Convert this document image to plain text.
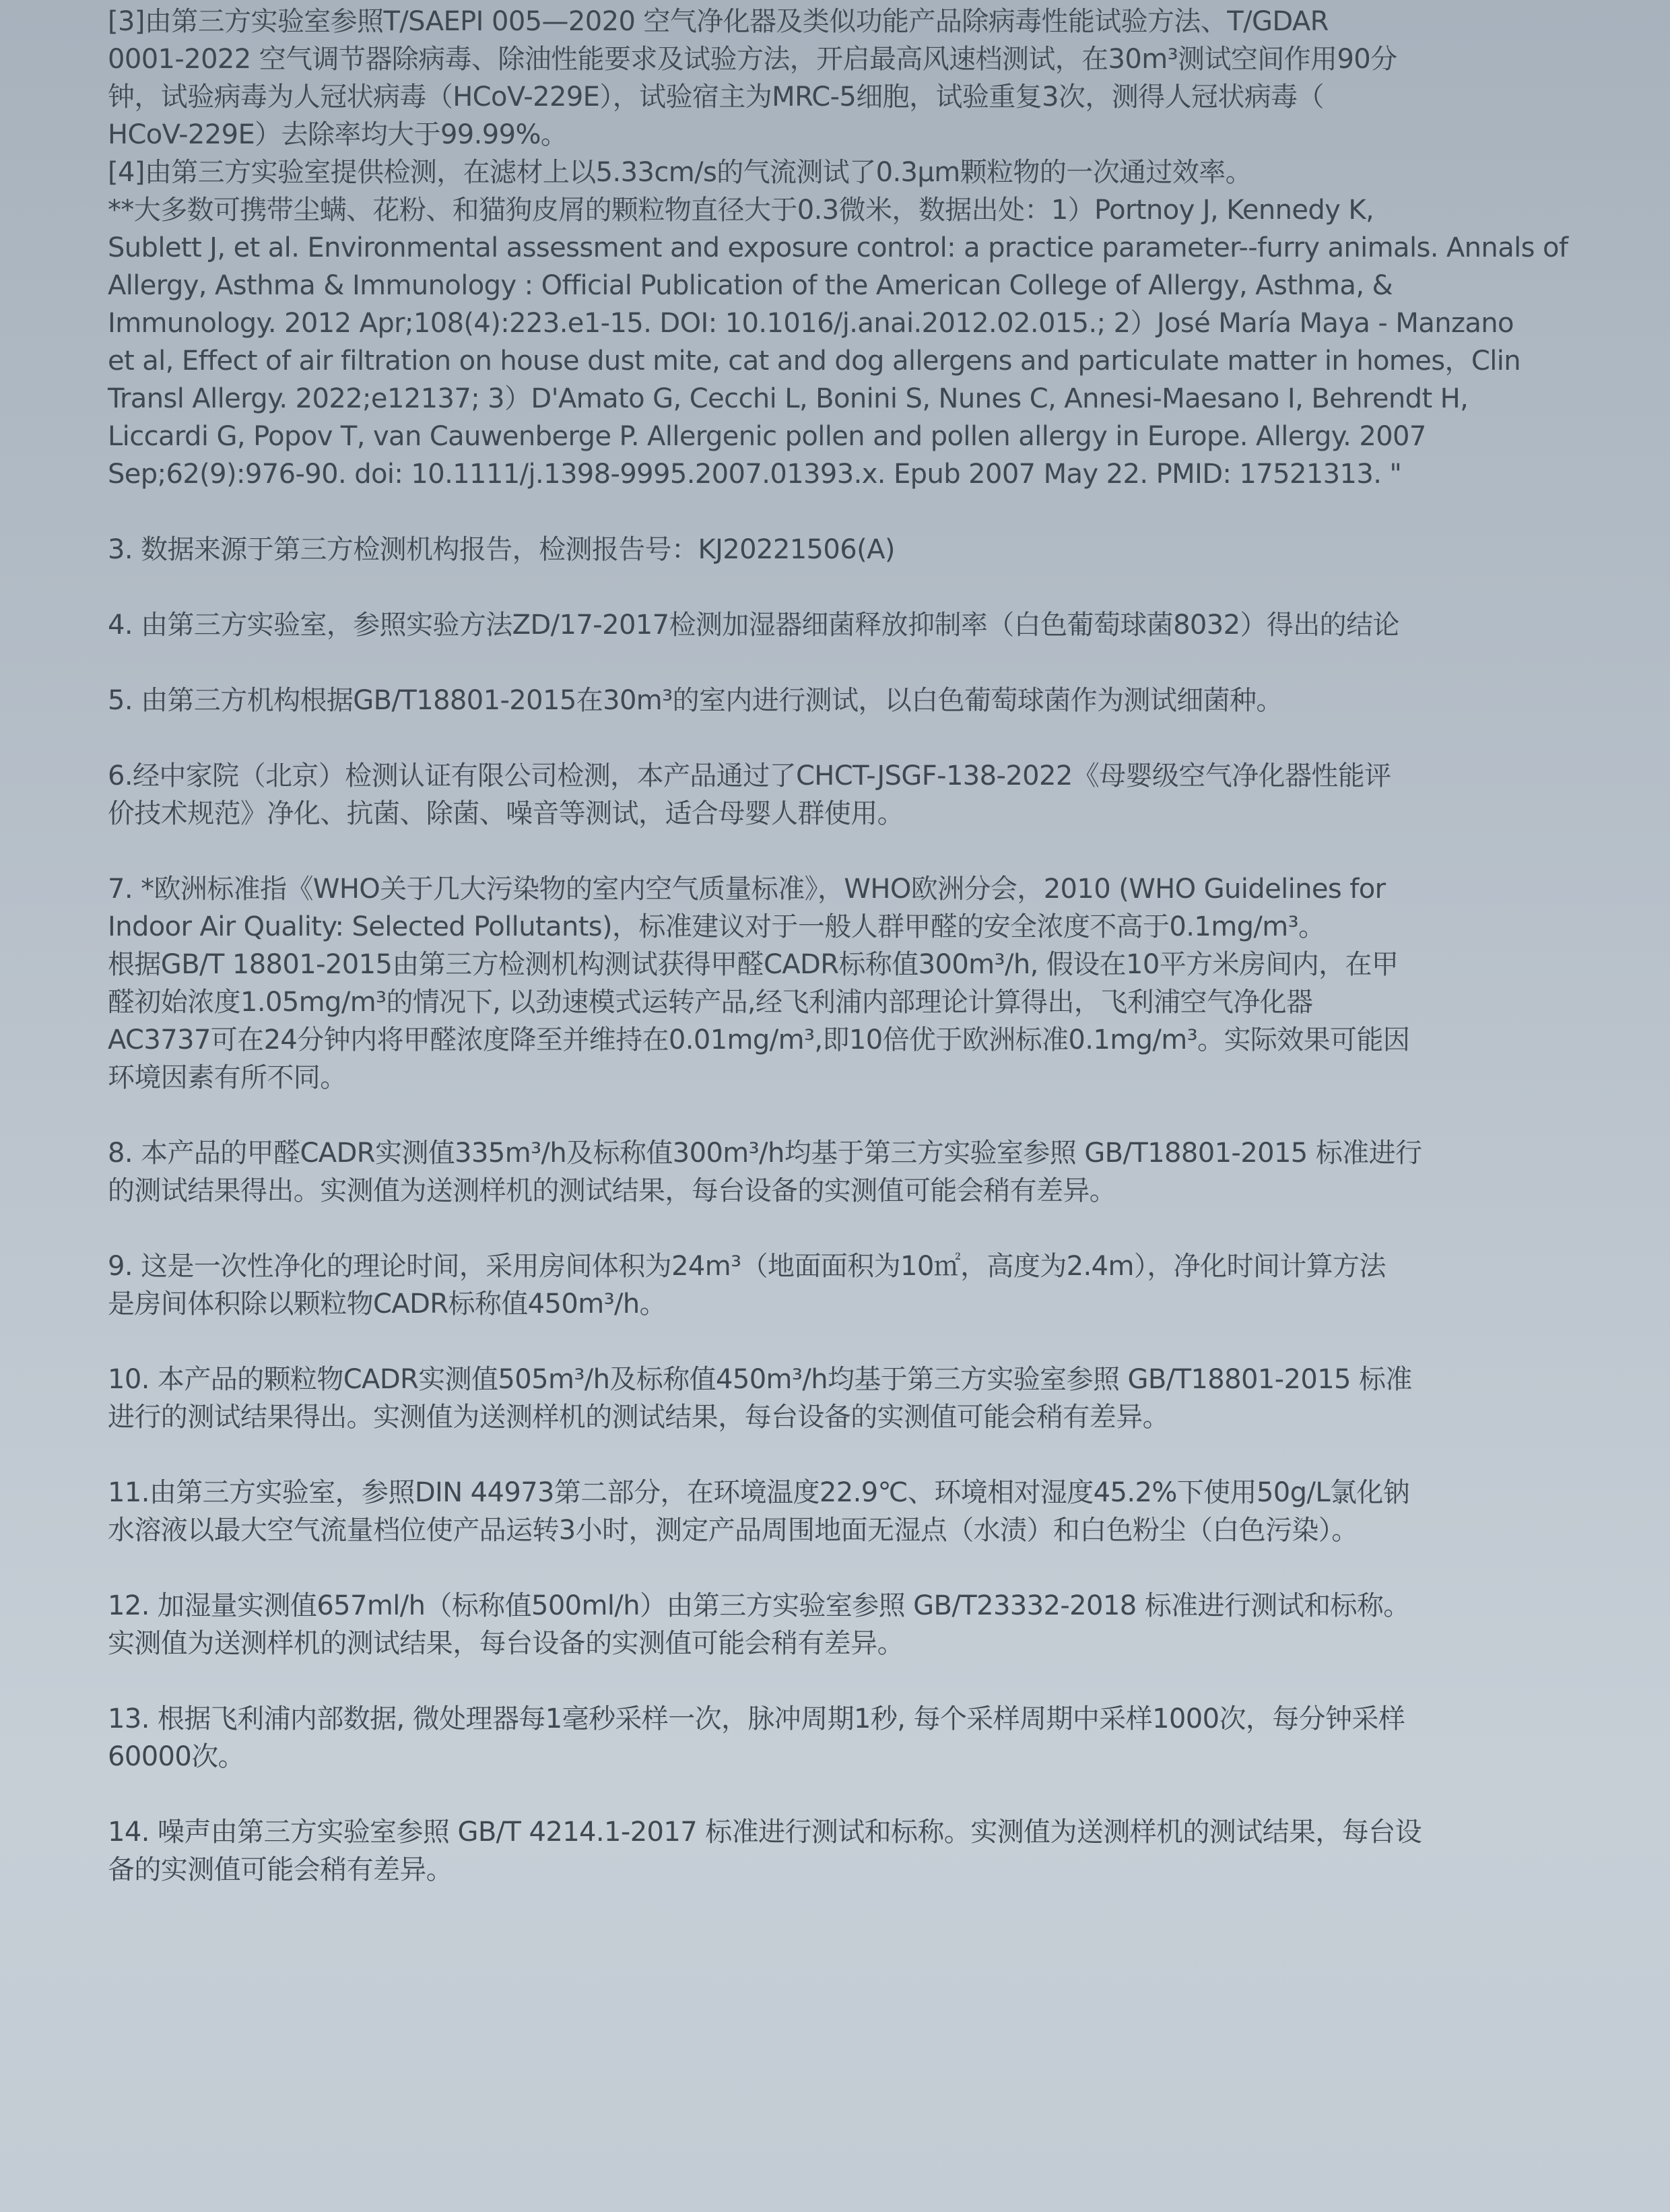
[3]由第三方实验室参照T/SAEPI 005—2020 空气净化器及类似功能产品除病毒性能试验方法、T/GDAR

0001-2022 空气调节器除病毒、除油性能要求及试验方法，开启最高风速档测试，在30m³测试空间作用90分

钟，试验病毒为人冠状病毒（HCoV-229E），试验宿主为MRC-5细胞，试验重复3次，测得人冠状病毒（

HCoV-229E）去除率均大于99.99%。

[4]由第三方实验室提供检测，在滤材上以5.33cm/s的气流测试了0.3μm颗粒物的一次通过效率。

**大多数可携带尘螨、花粉、和猫狗皮屑的颗粒物直径大于0.3微米，数据出处：1）Portnoy J, Kennedy K,

Sublett J, et al. Environmental assessment and exposure control: a practice parameter--furry animals. Annals of

Allergy, Asthma & Immunology : Official Publication of the American College of Allergy, Asthma, &

Immunology. 2012 Apr;108(4):223.e1-15. DOI: 10.1016/j.anai.2012.02.015.; 2）José María Maya - Manzano

et al, Effect of air filtration on house dust mite, cat and dog allergens and particulate matter in homes，Clin

Transl Allergy. 2022;e12137; 3）D'Amato G, Cecchi L, Bonini S, Nunes C, Annesi-Maesano I, Behrendt H,

Liccardi G, Popov T, van Cauwenberge P. Allergenic pollen and pollen allergy in Europe. Allergy. 2007

Sep;62(9):976-90. doi: 10.1111/j.1398-9995.2007.01393.x. Epub 2007 May 22. PMID: 17521313. "

3. 数据来源于第三方检测机构报告，检测报告号：KJ20221506(A)

4. 由第三方实验室，参照实验方法ZD/17-2017检测加湿器细菌释放抑制率（白色葡萄球菌8032）得出的结论

5. 由第三方机构根据GB/T18801-2015在30m³的室内进行测试，以白色葡萄球菌作为测试细菌种。

6.经中家院（北京）检测认证有限公司检测，本产品通过了CHCT-JSGF-138-2022《母婴级空气净化器性能评

价技术规范》净化、抗菌、除菌、噪音等测试，适合母婴人群使用。

7. *欧洲标准指《WHO关于几大污染物的室内空气质量标准》，WHO欧洲分会，2010 (WHO Guidelines for

Indoor Air Quality: Selected Pollutants)，标准建议对于一般人群甲醛的安全浓度不高于0.1mg/m³。

根据GB/T 18801-2015由第三方检测机构测试获得甲醛CADR标称值300m³/h, 假设在10平方米房间内，在甲

醛初始浓度1.05mg/m³的情况下, 以劲速模式运转产品,经飞利浦内部理论计算得出，飞利浦空气净化器

AC3737可在24分钟内将甲醛浓度降至并维持在0.01mg/m³,即10倍优于欧洲标准0.1mg/m³。实际效果可能因

环境因素有所不同。

8. 本产品的甲醛CADR实测值335m³/h及标称值300m³/h均基于第三方实验室参照 GB/T18801-2015 标准进行

的测试结果得出。实测值为送测样机的测试结果，每台设备的实测值可能会稍有差异。

9. 这是一次性净化的理论时间，采用房间体积为24m³（地面面积为10㎡，高度为2.4m），净化时间计算方法

是房间体积除以颗粒物CADR标称值450m³/h。

10. 本产品的颗粒物CADR实测值505m³/h及标称值450m³/h均基于第三方实验室参照 GB/T18801-2015 标准

进行的测试结果得出。实测值为送测样机的测试结果，每台设备的实测值可能会稍有差异。

11.由第三方实验室，参照DIN 44973第二部分，在环境温度22.9℃、环境相对湿度45.2%下使用50g/L氯化钠

水溶液以最大空气流量档位使产品运转3小时，测定产品周围地面无湿点（水渍）和白色粉尘（白色污染）。

12. 加湿量实测值657ml/h（标称值500ml/h）由第三方实验室参照 GB/T23332-2018 标准进行测试和标称。

实测值为送测样机的测试结果，每台设备的实测值可能会稍有差异。

13. 根据飞利浦内部数据, 微处理器每1毫秒采样一次，脉冲周期1秒, 每个采样周期中采样1000次，每分钟采样

60000次。

14. 噪声由第三方实验室参照 GB/T 4214.1-2017 标准进行测试和标称。实测值为送测样机的测试结果，每台设

备的实测值可能会稍有差异。
